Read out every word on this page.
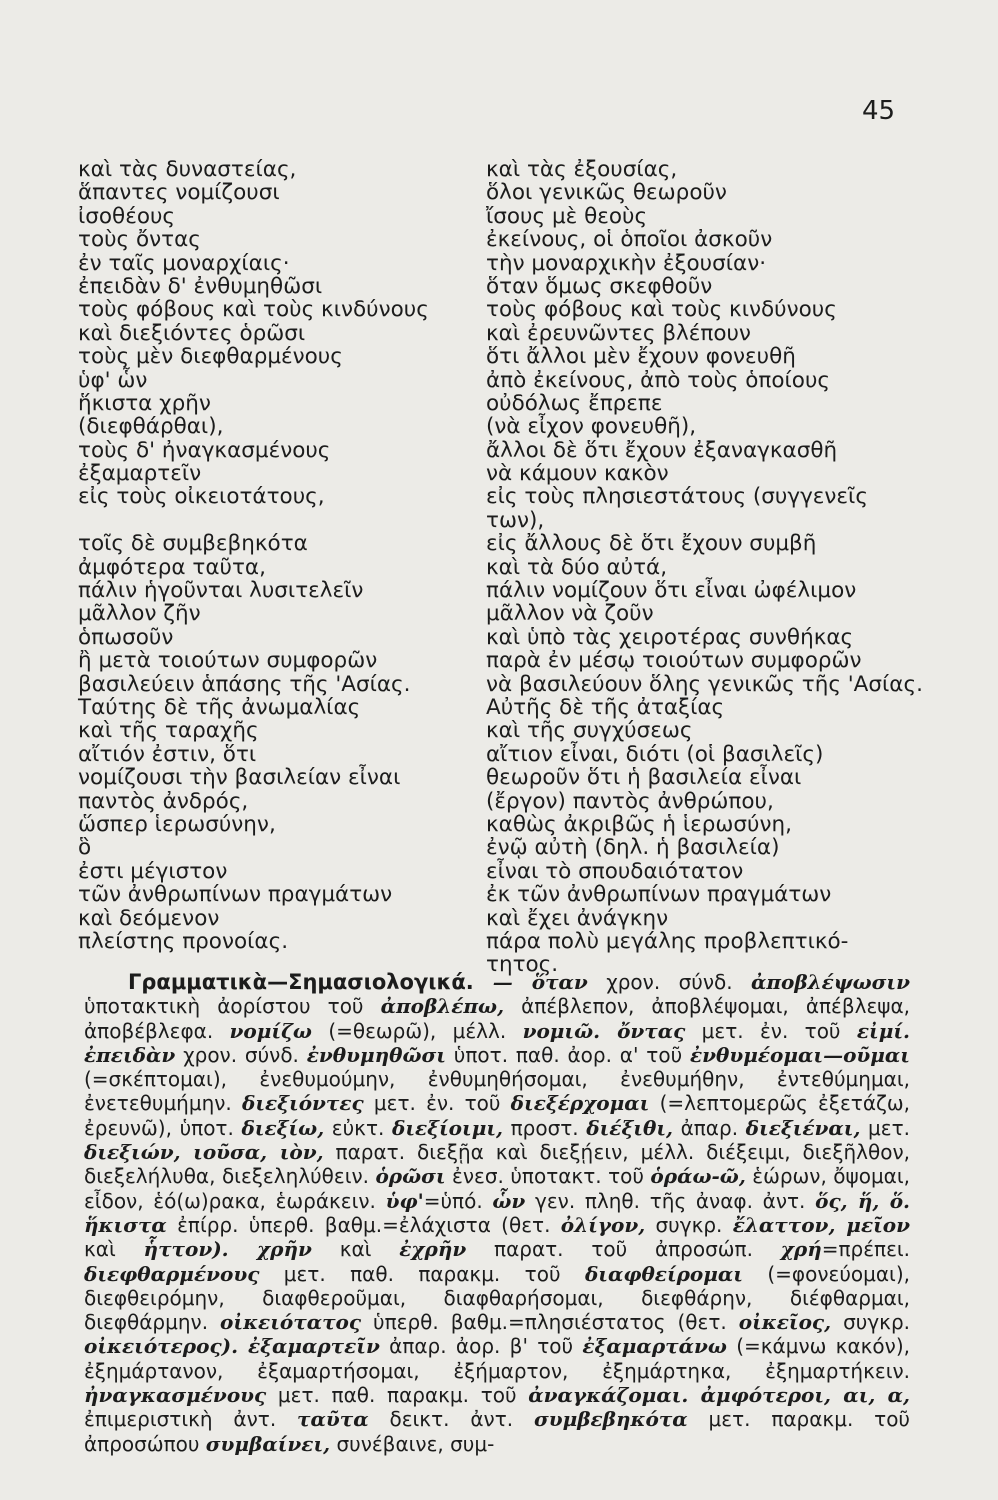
45
καὶ τὰς δυναστείας,
ἅπαντες νομίζουσι
ἰσοθέους
τοὺς ὄντας
ἐν ταῖς μοναρχίαις·
ἐπειδὰν δ' ἐνθυμηθῶσι
τοὺς φόβους καὶ τοὺς κινδύνους
καὶ διεξιόντες ὁρῶσι
τοὺς μὲν διεφθαρμένους
ὑφ' ὧν
ἥκιστα χρῆν
(διεφθάρθαι),
τοὺς δ' ἠναγκασμένους
ἐξαμαρτεῖν
εἰς τοὺς οἰκειοτάτους,
τοῖς δὲ συμβεβηκότα
ἀμφότερα ταῦτα,
πάλιν ἡγοῦνται λυσιτελεῖν
μᾶλλον ζῆν
ὁπωσοῦν
ἢ μετὰ τοιούτων συμφορῶν
βασιλεύειν ἁπάσης τῆς 'Ασίας.
Ταύτης δὲ τῆς ἀνωμαλίας
καὶ τῆς ταραχῆς
αἴτιόν ἐστιν, ὅτι
νομίζουσι τὴν βασιλείαν εἶναι
παντὸς ἀνδρός,
ὥσπερ ἱερωσύνην,
ὃ
ἐστι μέγιστον
τῶν ἀνθρωπίνων πραγμάτων
καὶ δεόμενον
πλείστης προνοίας.
καὶ τὰς ἐξουσίας,
ὅλοι γενικῶς θεωροῦν
ἴσους μὲ θεοὺς
ἐκείνους, οἱ ὁποῖοι ἀσκοῦν
τὴν μοναρχικὴν ἐξουσίαν·
ὅταν ὅμως σκεφθοῦν
τοὺς φόβους καὶ τοὺς κινδύνους
καὶ ἐρευνῶντες βλέπουν
ὅτι ἄλλοι μὲν ἔχουν φονευθῆ
ἀπὸ ἐκείνους, ἀπὸ τοὺς ὁποίους
οὐδόλως ἔπρεπε
(νὰ εἶχον φονευθῆ),
ἄλλοι δὲ ὅτι ἔχουν ἐξαναγκασθῆ
νὰ κάμουν κακὸν
εἰς τοὺς πλησιεστάτους (συγγενεῖς
των),
εἰς ἄλλους δὲ ὅτι ἔχουν συμβῆ
καὶ τὰ δύο αὐτά,
πάλιν νομίζουν ὅτι εἶναι ὠφέλιμον
μᾶλλον νὰ ζοῦν
καὶ ὑπὸ τὰς χειροτέρας συνθήκας
παρὰ ἐν μέσῳ τοιούτων συμφορῶν
νὰ βασιλεύουν ὅλης γενικῶς τῆς 'Ασίας.
Αὐτῆς δὲ τῆς ἀταξίας
καὶ τῆς συγχύσεως
αἴτιον εἶναι, διότι (οἱ βασιλεῖς)
θεωροῦν ὅτι ἡ βασιλεία εἶναι
(ἔργον) παντὸς ἀνθρώπου,
καθὼς ἀκριβῶς ἡ ἱερωσύνη,
ἐνῷ αὐτὴ (δηλ. ἡ βασιλεία)
εἶναι τὸ σπουδαιότατον
ἐκ τῶν ἀνθρωπίνων πραγμάτων
καὶ ἔχει ἀνάγκην
πάρα πολὺ μεγάλης προβλεπτικό-
τητος.

Γραμματικὰ—Σημασιολογικά. — ὅταν χρον. σύνδ. ἀποβλέψωσιν ὑποτακτικὴ ἀορίστου τοῦ ἀποβλέπω, ἀπέβλεπον, ἀποβλέψομαι, ἀπέβλεψα, ἀποβέβλεφα. νομίζω (=θεωρῶ), μέλλ. νομιῶ. ὄντας μετ. ἐν. τοῦ εἰμί. ἐπειδὰν χρον. σύνδ. ἐνθυμηθῶσι ὑποτ. παθ. ἀορ. α' τοῦ ἐνθυμέομαι—οῦμαι (=σκέπτομαι), ἐνεθυμούμην, ἐνθυμηθήσομαι, ἐνεθυμήθην, ἐντεθύμημαι, ἐνετεθυμήμην. διεξιόντες μετ. ἐν. τοῦ διεξέρχομαι (=λεπτομερῶς ἐξετάζω, ἐρευνῶ), ὑποτ. διεξίω, εὐκτ. διεξίοιμι, προστ. διέξιθι, ἀπαρ. διεξιέναι, μετ. διεξιών, ιοῦσα, ιὸν, παρατ. διεξῇα καὶ διεξῄειν, μέλλ. διέξειμι, διεξῆλθον, διεξελήλυθα, διεξεληλύθειν. ὁρῶσι ἐνεσ. ὑποτακτ. τοῦ ὁράω-ῶ, ἑώρων, ὄψομαι, εἶδον, ἑό(ω)ρακα, ἑωράκειν. ὑφ'=ὑπό. ὧν γεν. πληθ. τῆς ἀναφ. ἀντ. ὅς, ἥ, ὅ. ἥκιστα ἐπίρρ. ὑπερθ. βαθμ.=ἐλάχιστα (θετ. ὀλίγον, συγκρ. ἔλαττον, μεῖον καὶ ἧττον). χρῆν καὶ ἐχρῆν παρατ. τοῦ ἀπροσώπ. χρή=πρέπει. διεφθαρμένους μετ. παθ. παρακμ. τοῦ διαφθείρομαι (=φονεύομαι), διεφθειρόμην, διαφθεροῦμαι, διαφθαρήσομαι, διεφθάρην, διέφθαρμαι, διεφθάρμην. οἰκειότατος ὑπερθ. βαθμ.=πλησιέστατος (θετ. οἰκεῖος, συγκρ. οἰκειότερος). ἐξαμαρτεῖν ἀπαρ. ἀορ. β' τοῦ ἐξαμαρτάνω (=κάμνω κακόν), ἐξημάρτανον, ἐξαμαρτήσομαι, ἐξήμαρτον, ἐξημάρτηκα, ἐξημαρτήκειν. ἠναγκασμένους μετ. παθ. παρακμ. τοῦ ἀναγκάζομαι. ἀμφότεροι, αι, α, ἐπιμεριστικὴ ἀντ. ταῦτα δεικτ. ἀντ. συμβεβηκότα μετ. παρακμ. τοῦ ἀπροσώπου συμβαίνει, συνέβαινε, συμ-
